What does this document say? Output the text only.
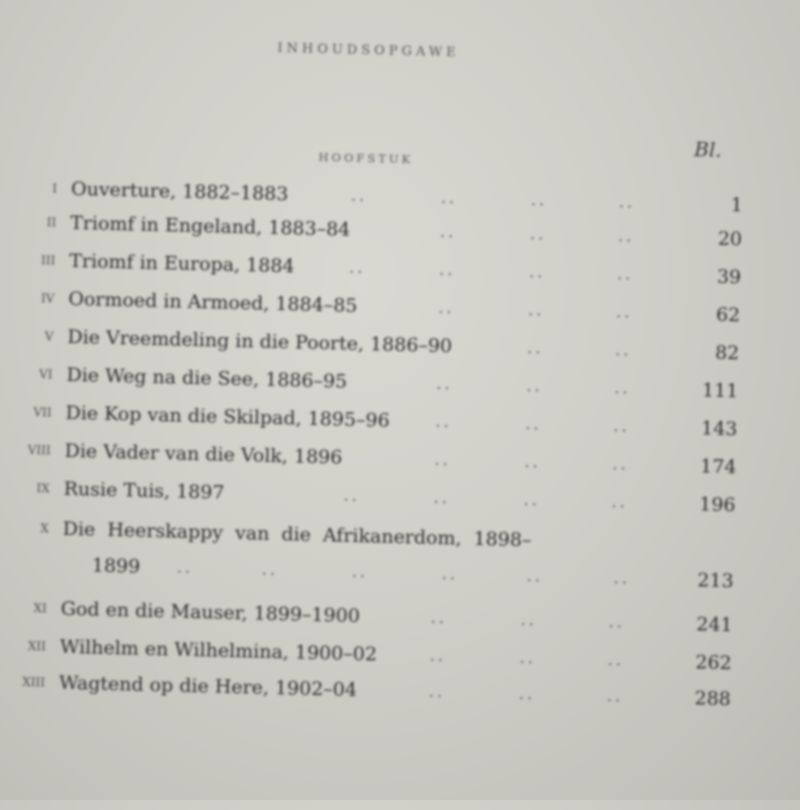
INHOUDSOPGAWE
HOOFSTUK	Bl.
I Ouverture, 1882–1883	..	..	..	..	1
II Triomf in Engeland, 1883–84	..	..	..	20
III Triomf in Europa, 1884	..	..	..	..	39
IV Oormoed in Armoed, 1884–85	..	..	..	62
V Die Vreemdeling in die Poorte, 1886–90	..	..	82
VI Die Weg na die See, 1886–95	..	..	..	111
VII Die Kop van die Skilpad, 1895–96	..	..	..	143
VIII Die Vader van die Volk, 1896	..	..	..	174
IX Rusie Tuis, 1897	..	..	..	..	196
X Die Heerskappy van die Afrikanerdom, 1898–
1899 ..	..	..	..	..	..	213
XI God en die Mauser, 1899–1900	..	..	..	241
XII Wilhelm en Wilhelmina, 1900–02	..	..	..	262
XIII Wagtend op die Here, 1902–04	..	..	..	288
